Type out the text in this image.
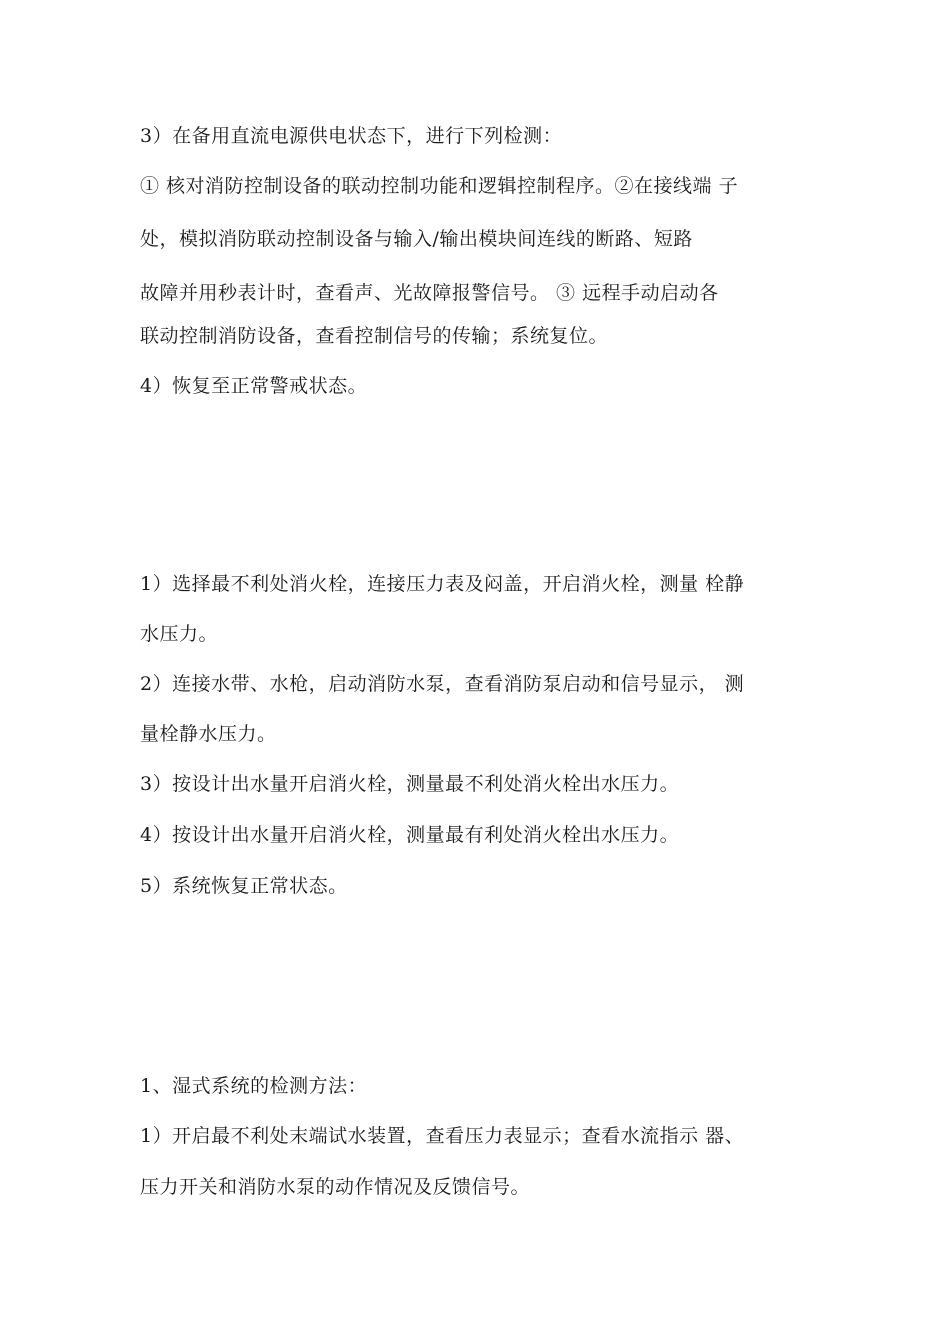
3）在备用直流电源供电状态下，进行下列检测：
① 核对消防控制设备的联动控制功能和逻辑控制程序。②在接线端 子
处，模拟消防联动控制设备与输入/输出模块间连线的断路、短路
故障并用秒表计时，查看声、光故障报警信号。 ③ 远程手动启动各
联动控制消防设备，查看控制信号的传输；系统复位。
4）恢复至正常警戒状态。
1）选择最不利处消火栓，连接压力表及闷盖，开启消火栓，测量 栓静
水压力。
2）连接水带、水枪，启动消防水泵，查看消防泵启动和信号显示， 测
量栓静水压力。
3）按设计出水量开启消火栓，测量最不利处消火栓出水压力。
4）按设计出水量开启消火栓，测量最有利处消火栓出水压力。
5）系统恢复正常状态。
1、湿式系统的检测方法：
1）开启最不利处末端试水装置，查看压力表显示；查看水流指示 器、
压力开关和消防水泵的动作情况及反馈信号。
